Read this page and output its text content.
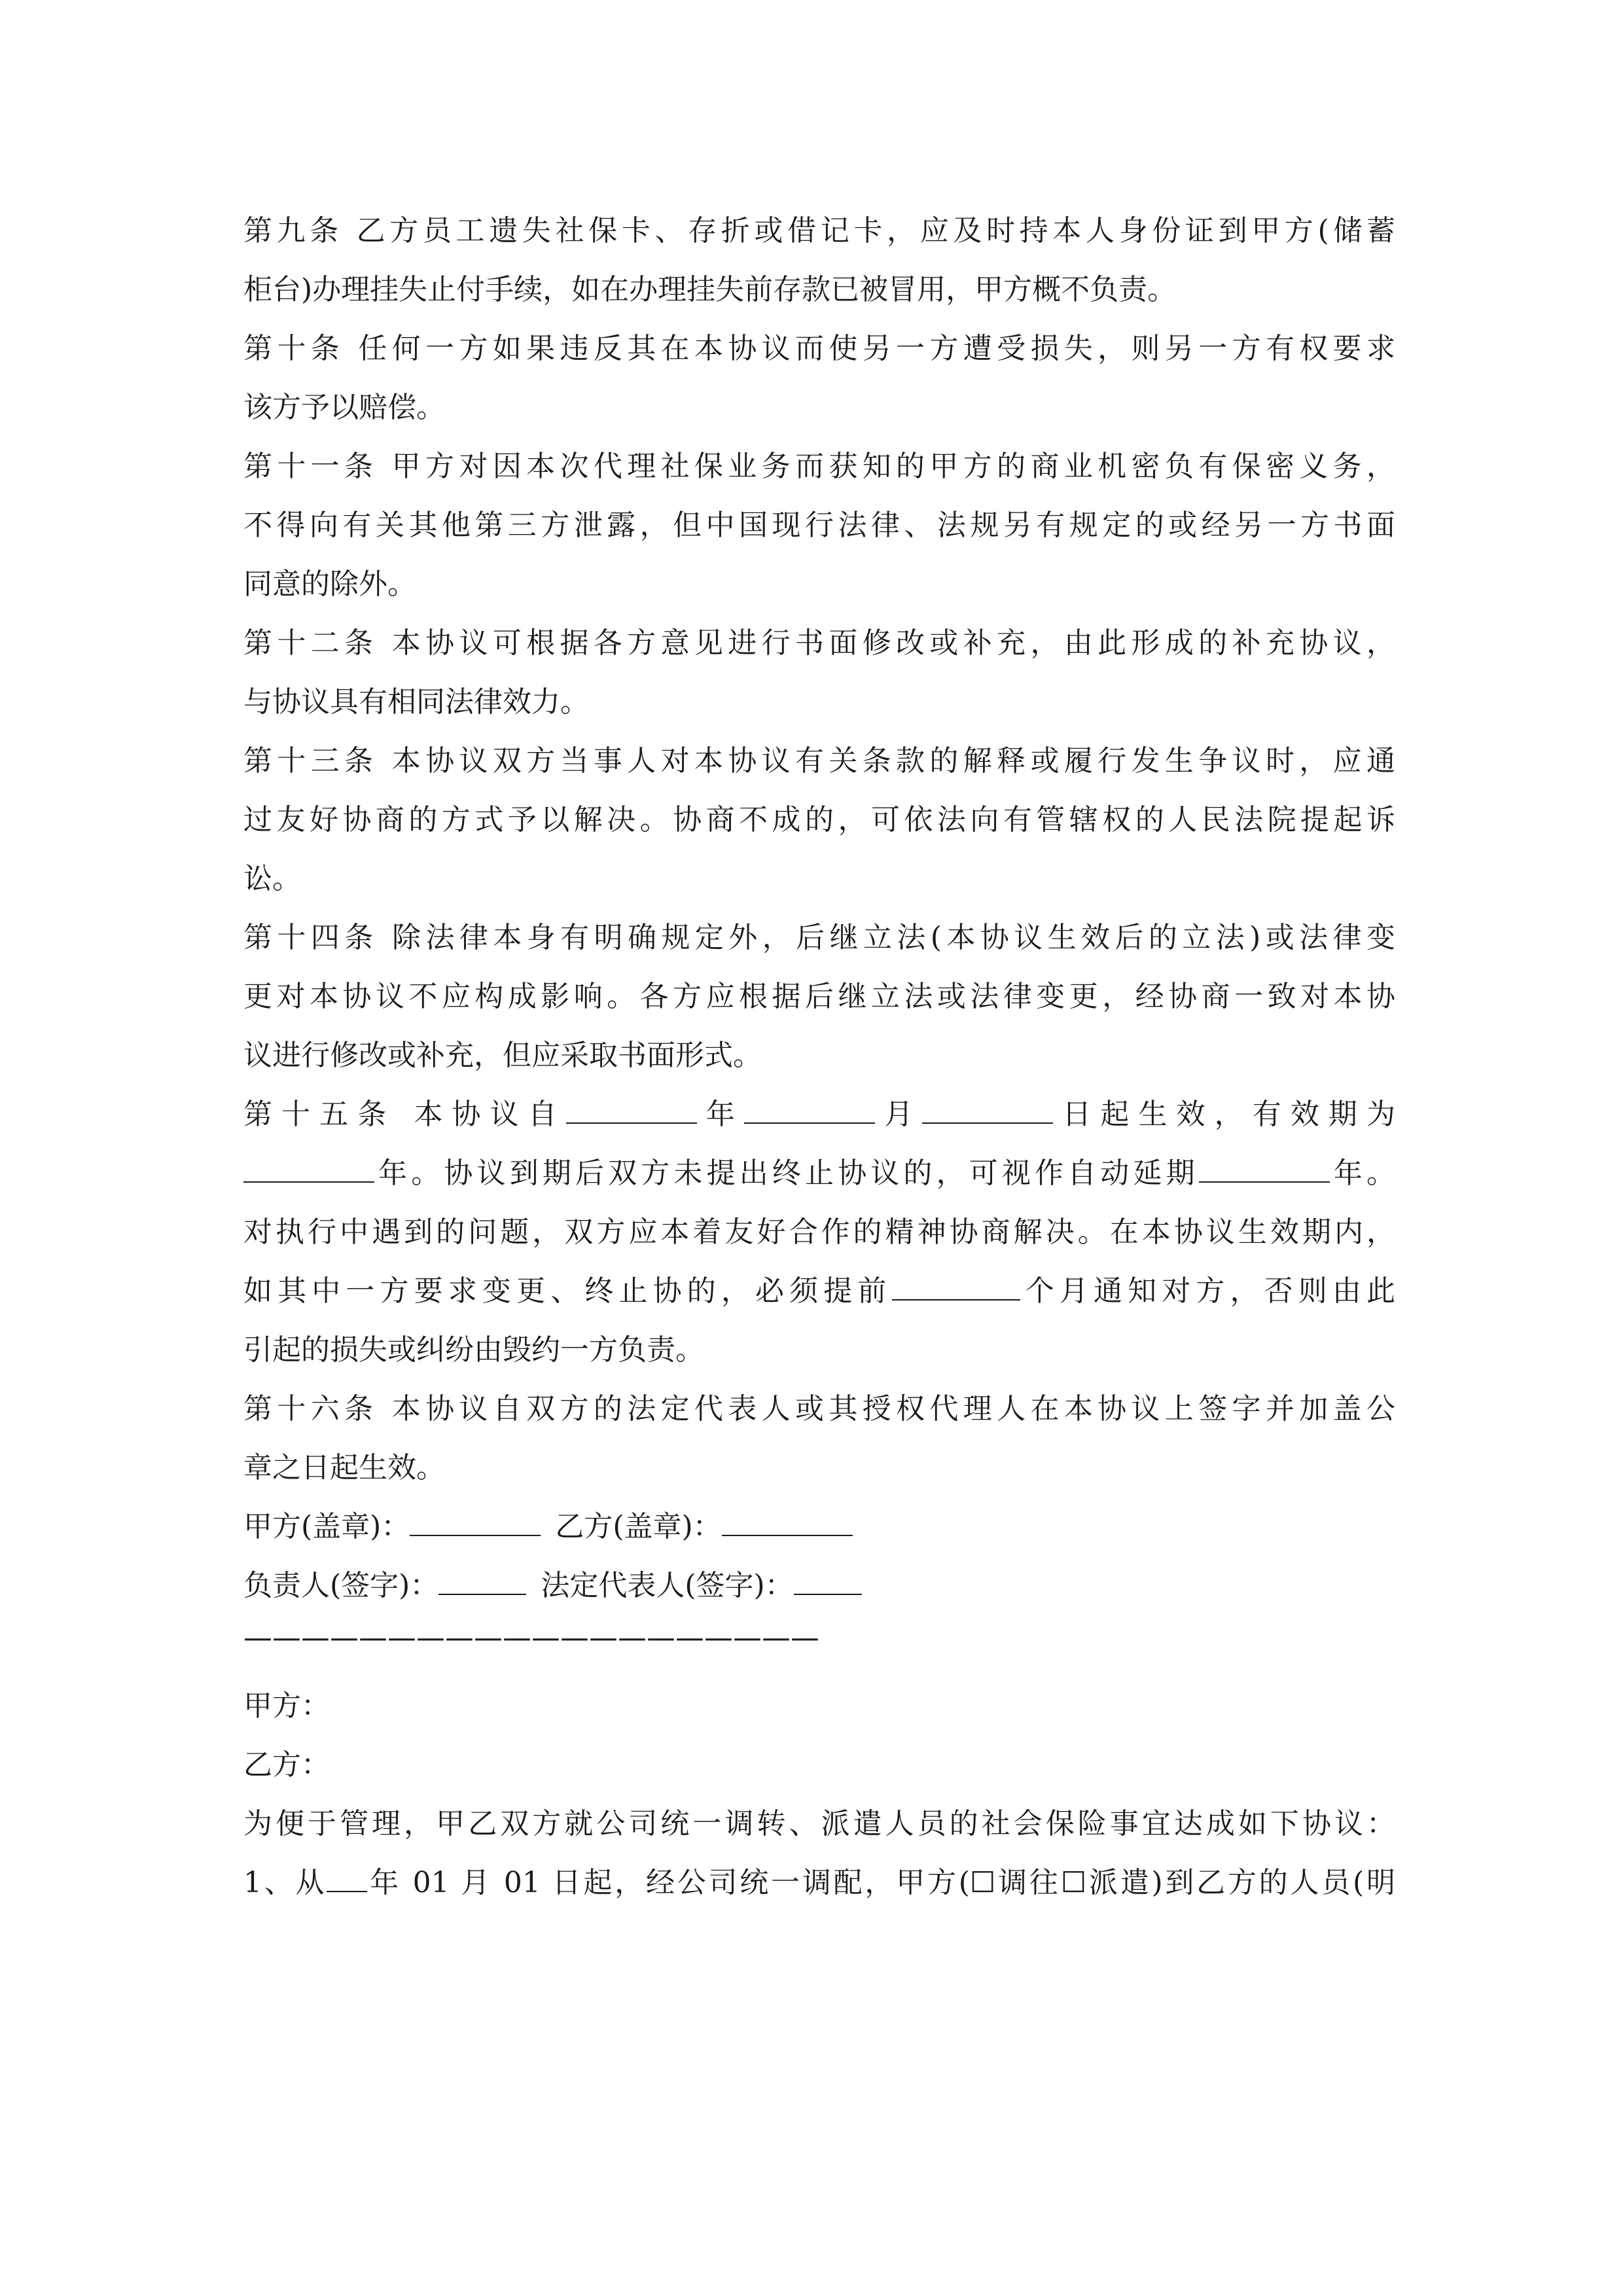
第九条 乙方员工遗失社保卡、存折或借记卡，应及时持本人身份证到甲方(储蓄

柜台)办理挂失止付手续，如在办理挂失前存款已被冒用，甲方概不负责。

第十条 任何一方如果违反其在本协议而使另一方遭受损失，则另一方有权要求

该方予以赔偿。

第十一条 甲方对因本次代理社保业务而获知的甲方的商业机密负有保密义务，

不得向有关其他第三方泄露，但中国现行法律、法规另有规定的或经另一方书面

同意的除外。

第十二条 本协议可根据各方意见进行书面修改或补充，由此形成的补充协议，

与协议具有相同法律效力。

第十三条 本协议双方当事人对本协议有关条款的解释或履行发生争议时，应通

过友好协商的方式予以解决。协商不成的，可依法向有管辖权的人民法院提起诉

讼。

第十四条 除法律本身有明确规定外，后继立法(本协议生效后的立法)或法律变

更对本协议不应构成影响。各方应根据后继立法或法律变更，经协商一致对本协

议进行修改或补充，但应采取书面形式。

第十五条 本协议自	年	月	日起生效，有效期为

年。协议到期后双方未提出终止协议的，可视作自动延期	年。

对执行中遇到的问题，双方应本着友好合作的精神协商解决。在本协议生效期内，

如其中一方要求变更、终止协的，必须提前	个月通知对方，否则由此

引起的损失或纠纷由毁约一方负责。

第十六条 本协议自双方的法定代表人或其授权代理人在本协议上签字并加盖公

章之日起生效。

甲方(盖章)：	乙方(盖章)：

负责人(签字)：	法定代表人(签字)：

————————————————————

甲方：

乙方：

为便于管理，甲乙双方就公司统一调转、派遣人员的社会保险事宜达成如下协议：

1、从 年 01 月 01 日起，经公司统一调配，甲方(☐调往☐派遣)到乙方的人员(明
